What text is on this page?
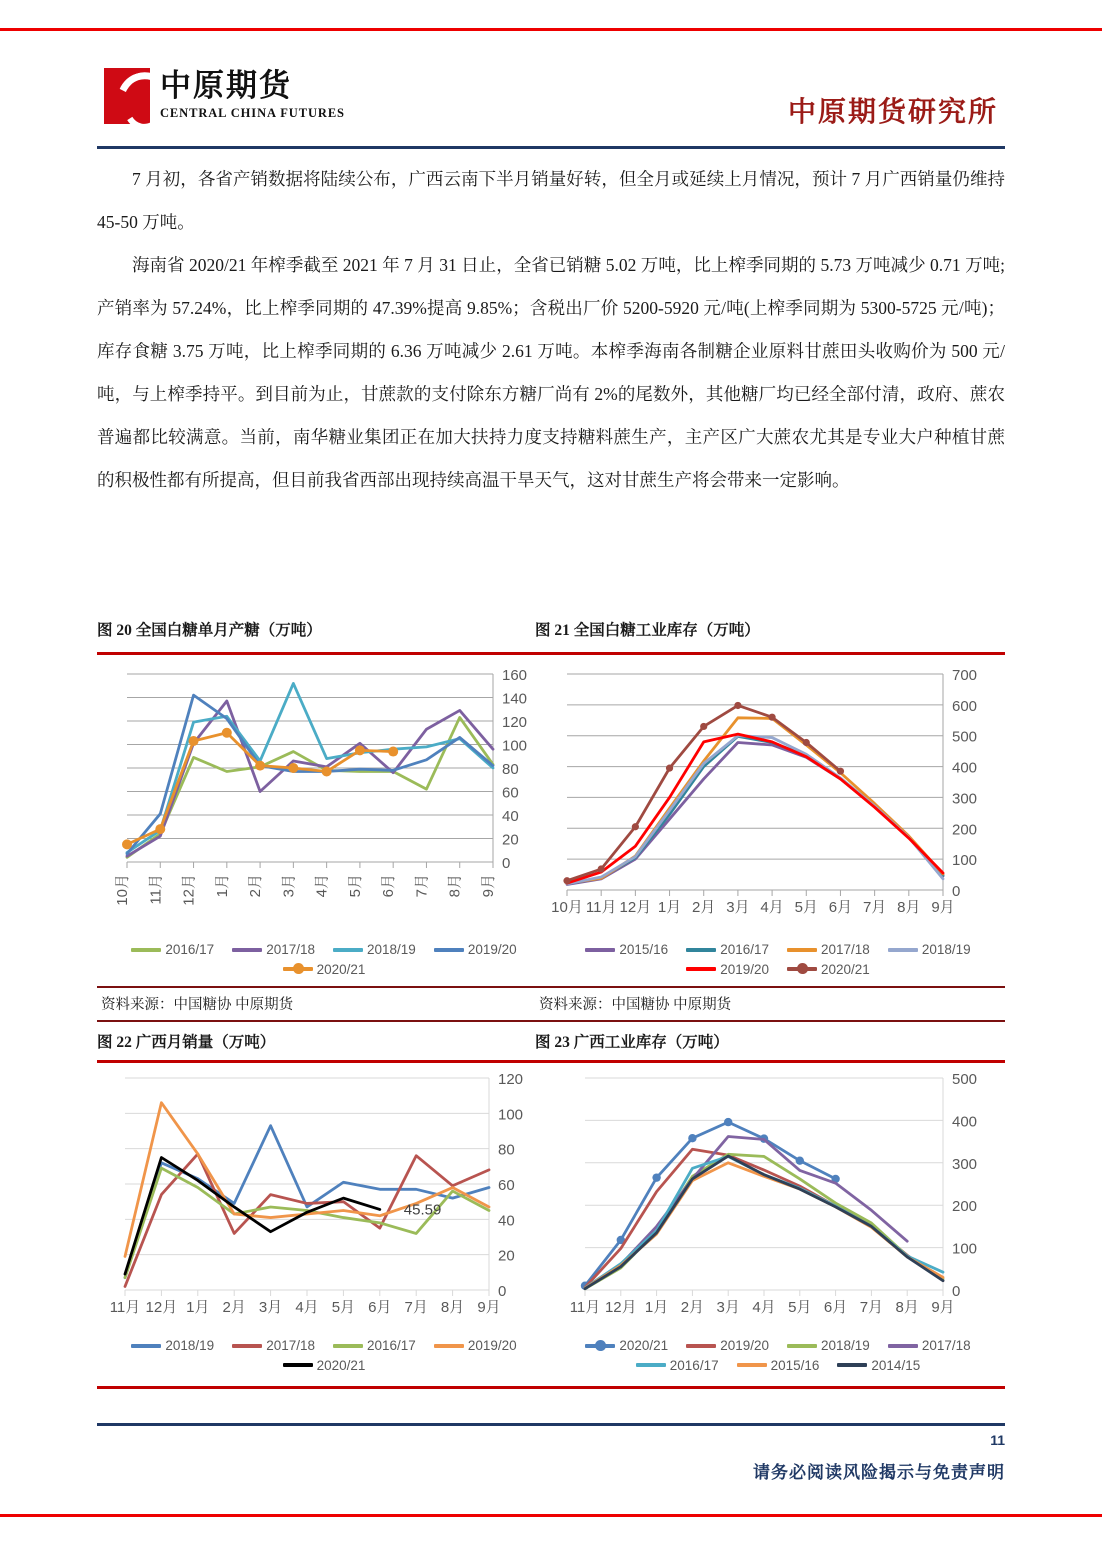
中原期货
CENTRAL CHINA FUTURES	中原期货研究所

7 月初，各省产销数据将陆续公布，广西云南下半月销量好转，但全月或延续上月情况，预计 7 月广西销量仍维持 45-50 万吨。

海南省 2020/21 年榨季截至 2021 年 7 月 31 日止，全省已销糖 5.02 万吨，比上榨季同期的 5.73 万吨减少 0.71 万吨;产销率为 57.24%，比上榨季同期的 47.39%提高 9.85%；含税出厂价 5200-5920 元/吨(上榨季同期为 5300-5725 元/吨)；库存食糖 3.75 万吨，比上榨季同期的 6.36 万吨减少 2.61 万吨。本榨季海南各制糖企业原料甘蔗田头收购价为 500 元/吨，与上榨季持平。到目前为止，甘蔗款的支付除东方糖厂尚有 2%的尾数外，其他糖厂均已经全部付清，政府、蔗农普遍都比较满意。当前，南华糖业集团正在加大扶持力度支持糖料蔗生产，主产区广大蔗农尤其是专业大户种植甘蔗的积极性都有所提高，但目前我省西部出现持续高温干旱天气，这对甘蔗生产将会带来一定影响。

图 20 全国白糖单月产糖（万吨）	图 21 全国白糖工业库存（万吨）
0
20
40
60
80
100
120
140
160
10月 11月 12月 1月 2月 3月 4月 5月 6月 7月 8月 9月
2016/17	2017/18	2018/19	2019/20
2020/21
0
100
200
300
400
500
600
700
10月 11月 12月 1月 2月 3月 4月 5月 6月 7月 8月 9月
2015/16	2016/17	2017/18	2018/19
2019/20	2020/21
资料来源：中国糖协 中原期货	资料来源：中国糖协 中原期货
图 22 广西月销量（万吨）	图 23 广西工业库存（万吨）
0
20
40
60
80
100
120
11月 12月 1月 2月 3月 4月 5月 6月 7月 8月 9月
45.59
2018/19	2017/18	2016/17	2019/20
2020/21
0
100
200
300
400
500
11月 12月 1月 2月 3月 4月 5月 6月 7月 8月 9月
2020/21	2019/20	2018/19	2017/18
2016/17	2015/16	2014/15
11
请务必阅读风险揭示与免责声明
